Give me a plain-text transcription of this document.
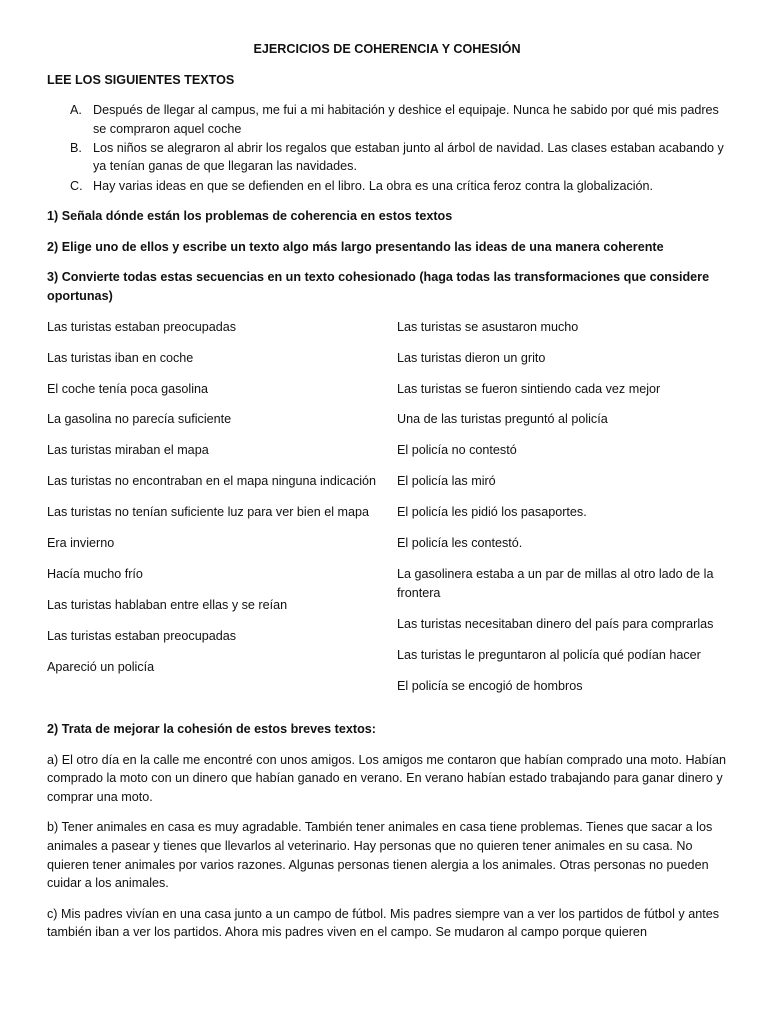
EJERCICIOS DE COHERENCIA Y COHESIÓN
LEE LOS SIGUIENTES TEXTOS
A. Después de llegar al campus, me fui a mi habitación y deshice el equipaje. Nunca he sabido por qué mis padres se compraron aquel coche
B. Los niños se alegraron al abrir los regalos que estaban junto al árbol de navidad. Las clases estaban acabando y ya tenían ganas de que llegaran las navidades.
C. Hay varias ideas en que se defienden en el libro. La obra es una crítica feroz contra la globalización.
1) Señala dónde están los problemas de coherencia en estos textos
2) Elige uno de ellos y escribe un texto algo más largo presentando las ideas de una manera coherente
3) Convierte todas estas secuencias en un texto cohesionado (haga todas las transformaciones que considere oportunas)
Las turistas estaban preocupadas
Las turistas iban en coche
El coche tenía poca gasolina
La gasolina no parecía suficiente
Las turistas miraban el mapa
Las turistas no encontraban en el mapa ninguna indicación
Las turistas no tenían suficiente luz para ver bien el mapa
Era invierno
Hacía mucho frío
Las turistas hablaban entre ellas y se reían
Las turistas estaban preocupadas
Apareció un policía
Las turistas se asustaron mucho
Las turistas dieron un grito
Las turistas se fueron sintiendo cada vez mejor
Una de las turistas preguntó al policía
El policía no contestó
El policía las miró
El policía les pidió los pasaportes.
El policía les contestó.
La gasolinera estaba a un par de millas al otro lado de la frontera
Las turistas necesitaban dinero del país para comprarlas
Las turistas le preguntaron al policía qué podían hacer
El policía se encogió de hombros
2) Trata de mejorar la cohesión de estos breves textos:
a) El otro día en la calle me encontré con unos amigos. Los amigos me contaron que habían comprado una moto. Habían comprado la moto con un dinero que habían ganado en verano. En verano habían estado trabajando para ganar dinero y comprar una moto.
b) Tener animales en casa es muy agradable. También tener animales en casa tiene problemas. Tienes que sacar a los animales a pasear y tienes que llevarlos al veterinario. Hay personas que no quieren tener animales en su casa. No quieren tener animales por varios razones. Algunas personas tienen alergia a los animales. Otras personas no pueden cuidar a los animales.
c) Mis padres vivían en una casa junto a un campo de fútbol. Mis padres siempre van a ver los partidos de fútbol y antes también iban a ver los partidos. Ahora mis padres viven en el campo. Se mudaron al campo porque quieren
